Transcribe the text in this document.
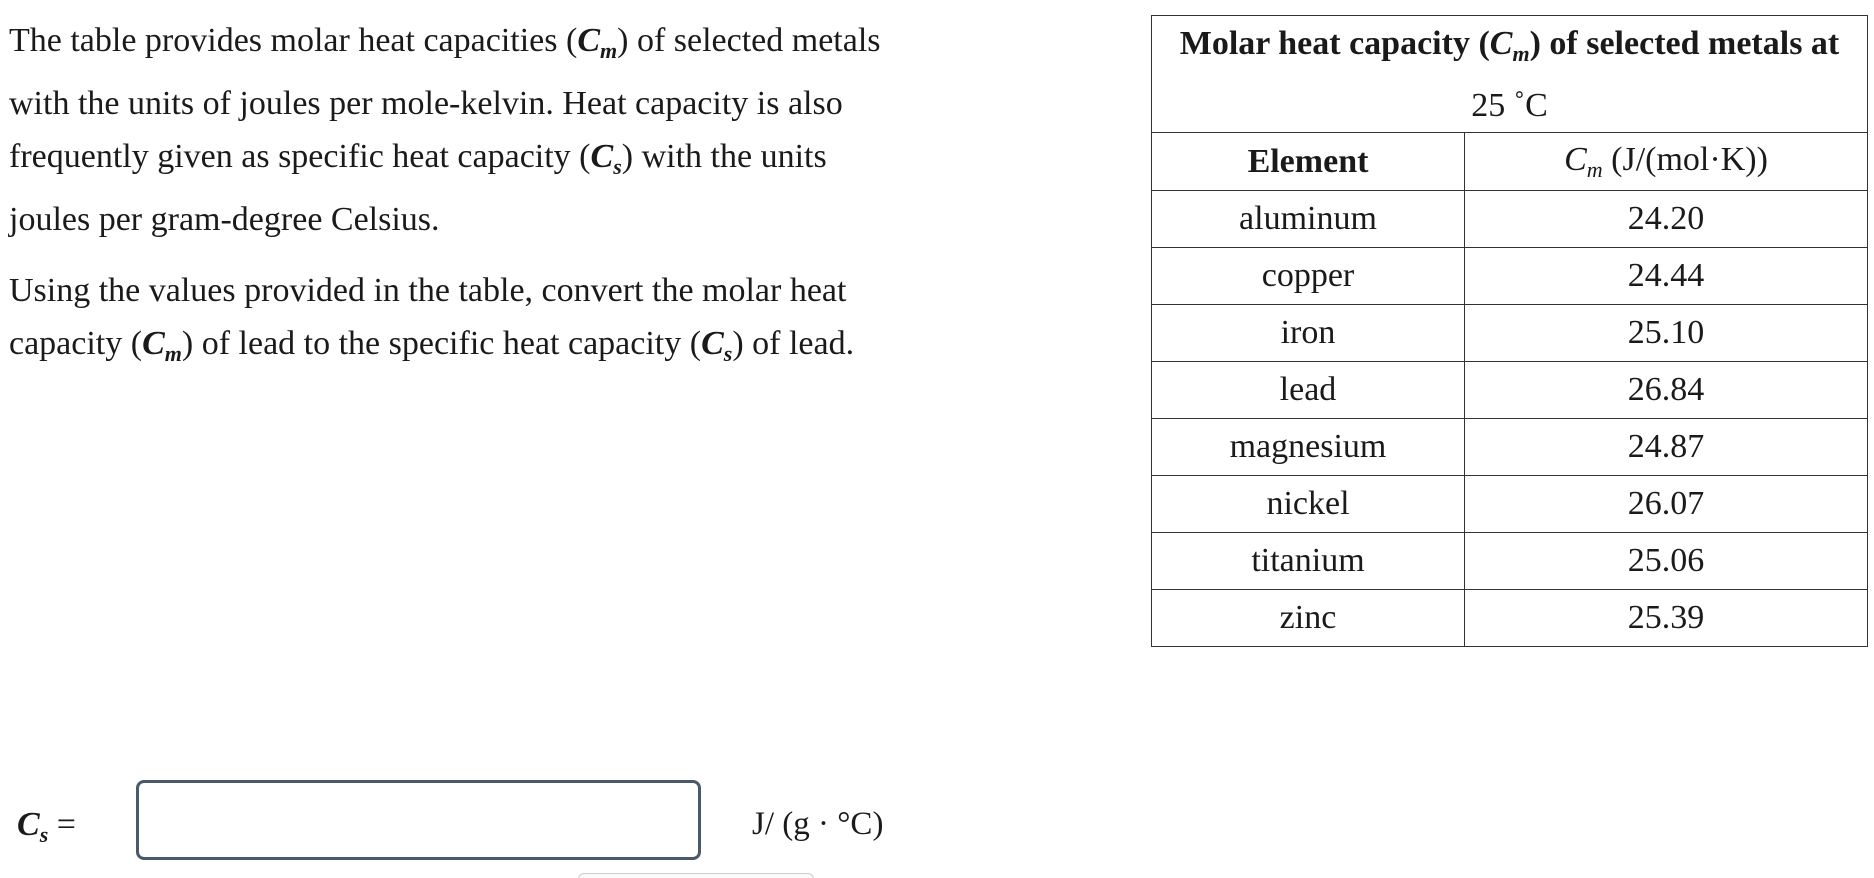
The table provides molar heat capacities $(C_m)$ of selected metals with the units of joules per mole-kelvin. Heat capacity is also frequently given as specific heat capacity $(C_s)$ with the units joules per gram-degree Celsius.

Using the values provided in the table, convert the molar heat capacity $(C_m)$ of lead to the specific heat capacity $(C_s)$ of lead.

Molar heat capacity $(C_m)$ of selected metals at
25 ˚C	

Element	$C_m$ (J/(mol·K))
aluminum	24.20
copper	24.44
iron	25.10
lead	26.84
magnesium	24.87
nickel	26.07
titanium	25.06
zinc	25.39
$C_s$ =	J/ (g · °C)
